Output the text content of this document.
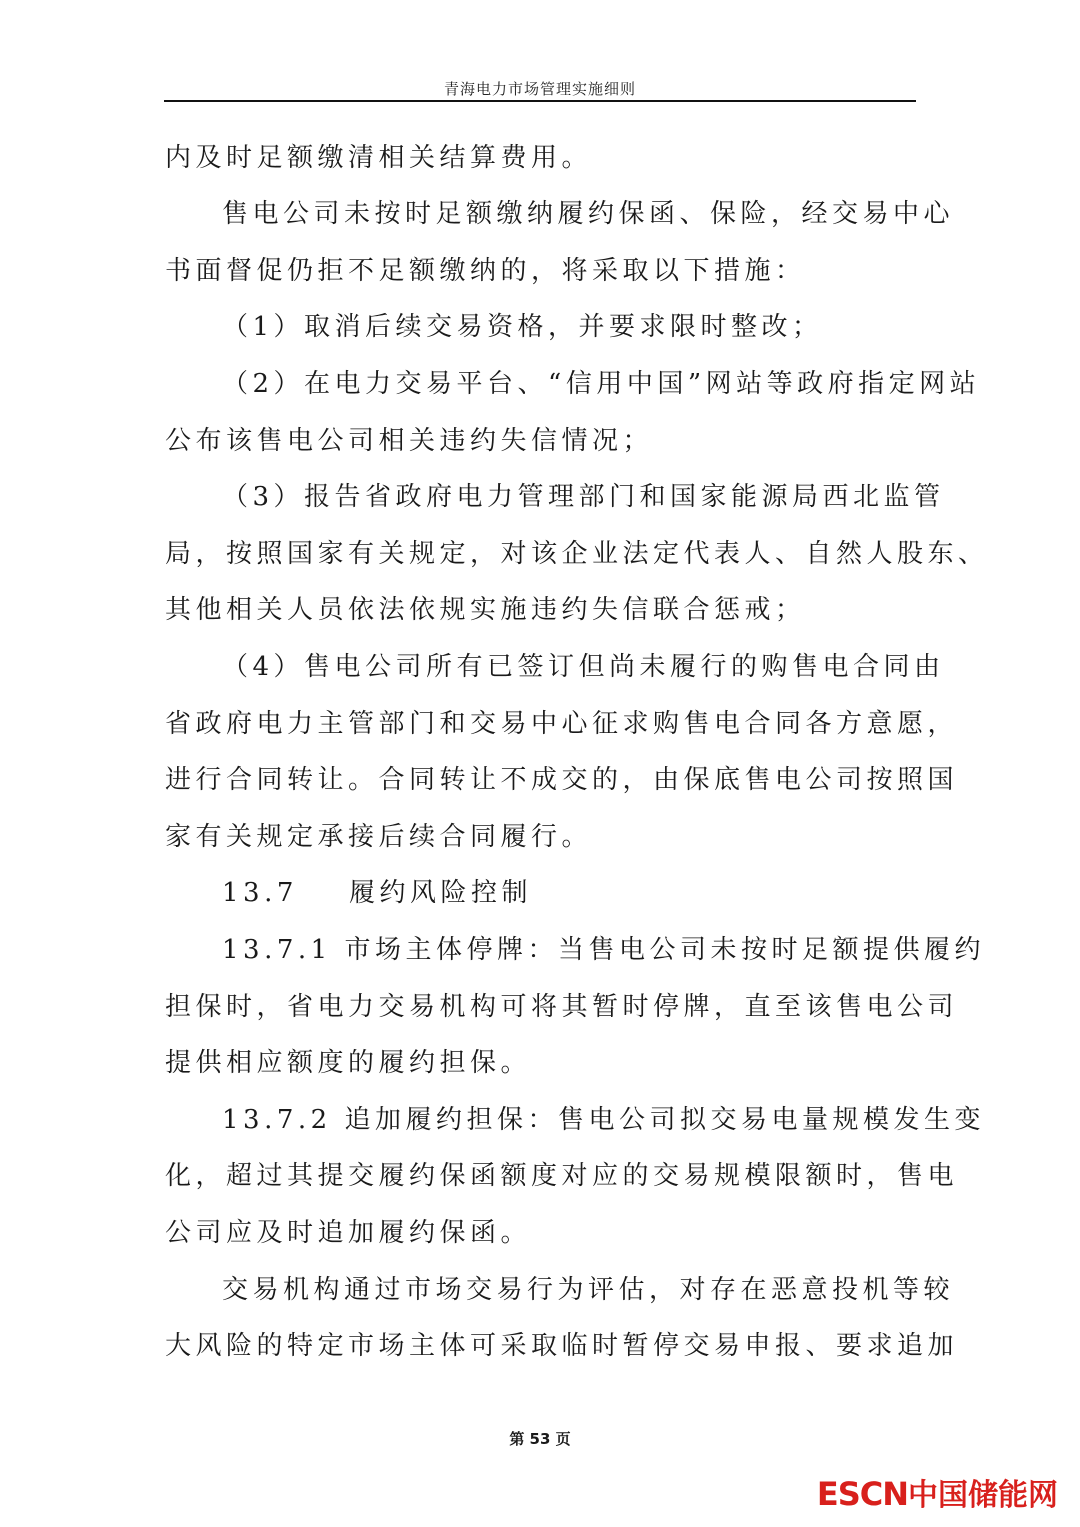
青海电力市场管理实施细则
内及时足额缴清相关结算费用。
售电公司未按时足额缴纳履约保函、保险，经交易中心
书面督促仍拒不足额缴纳的，将采取以下措施：
（1）取消后续交易资格，并要求限时整改；
（2）在电力交易平台、“信用中国”网站等政府指定网站
公布该售电公司相关违约失信情况；
（3）报告省政府电力管理部门和国家能源局西北监管
局，按照国家有关规定，对该企业法定代表人、自然人股东、
其他相关人员依法依规实施违约失信联合惩戒；
（4）售电公司所有已签订但尚未履行的购售电合同由
省政府电力主管部门和交易中心征求购售电合同各方意愿，
进行合同转让。合同转让不成交的，由保底售电公司按照国
家有关规定承接后续合同履行。
13.7    履约风险控制
13.7.1 市场主体停牌：当售电公司未按时足额提供履约
担保时，省电力交易机构可将其暂时停牌，直至该售电公司
提供相应额度的履约担保。
13.7.2 追加履约担保：售电公司拟交易电量规模发生变
化，超过其提交履约保函额度对应的交易规模限额时，售电
公司应及时追加履约保函。
交易机构通过市场交易行为评估，对存在恶意投机等较
大风险的特定市场主体可采取临时暂停交易申报、要求追加
第 53 页
ESCN中国储能网
